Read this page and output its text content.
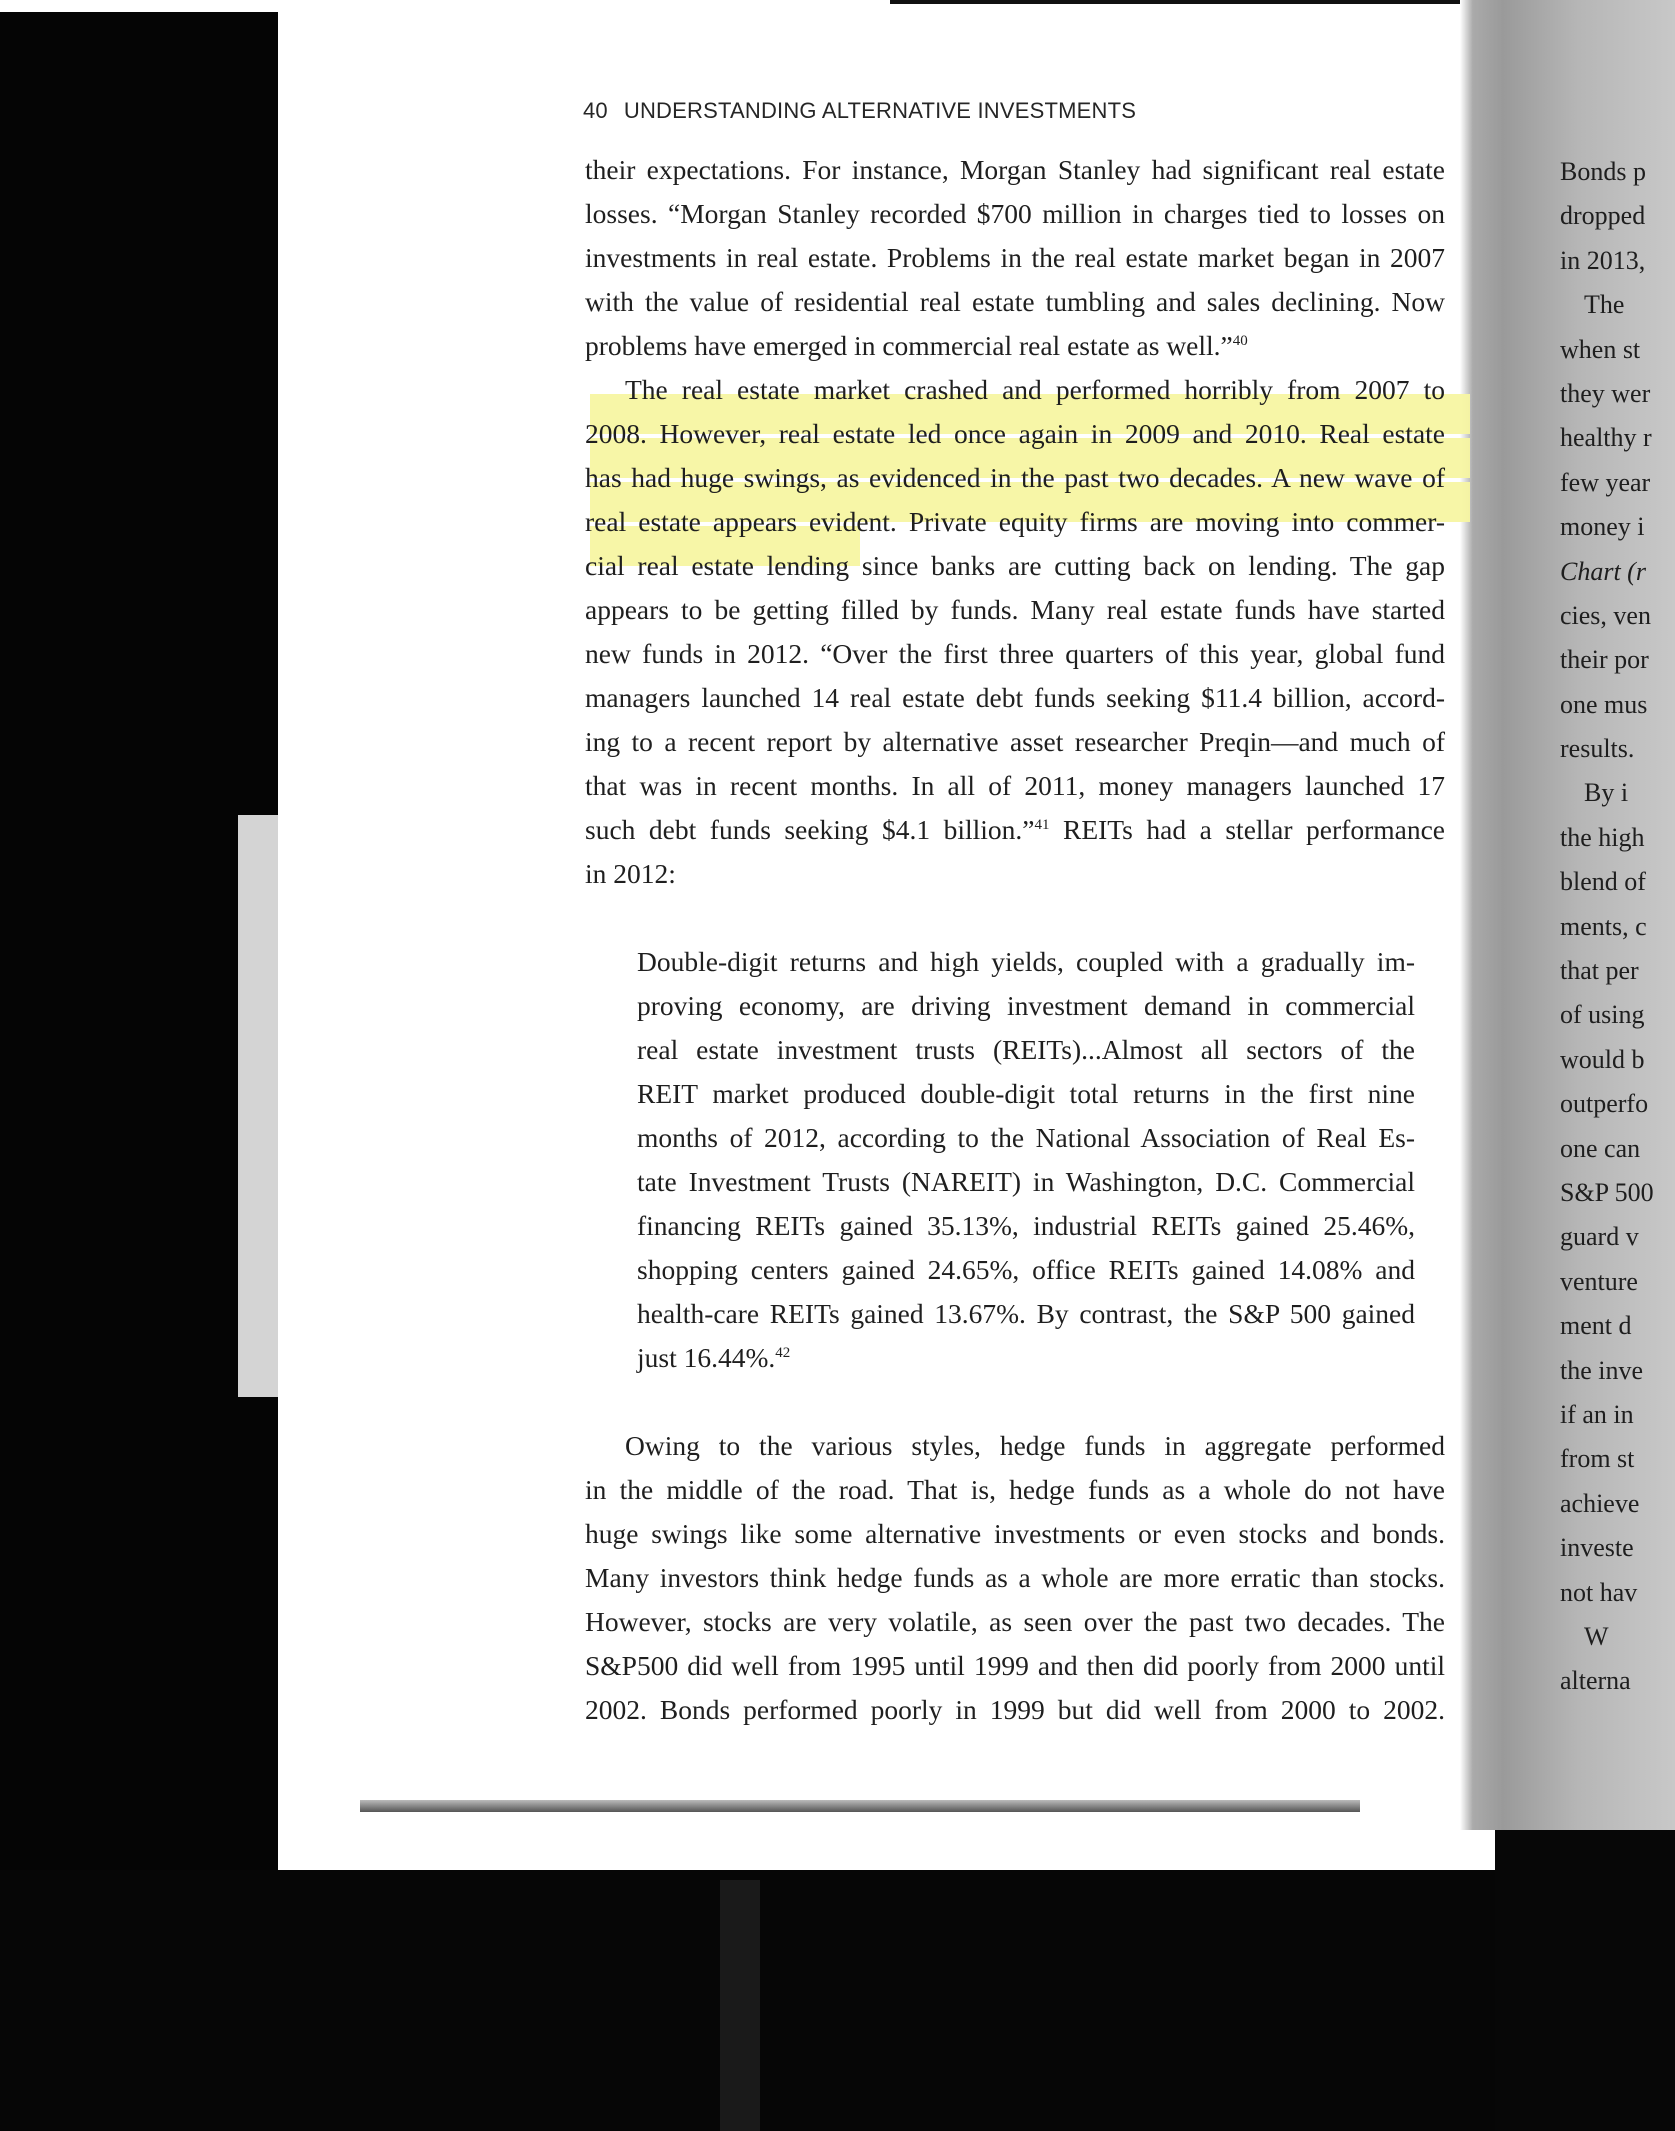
Bonds p
dropped
in 2013,
The
when st
they wer
healthy r
few year
money i
Chart (r
cies, ven
their por
one mus
results.
By i
the high
blend of
ments, c
that per
of using
would b
outperfo
one can
S&P 500
guard v
venture
ment d
the inve
if an in
from st
achieve
investe
not hav
W
alterna
40 UNDERSTANDING ALTERNATIVE INVESTMENTS
their expectations. For instance, Morgan Stanley had significant real estate
losses. “Morgan Stanley recorded $700 million in charges tied to losses on
investments in real estate. Problems in the real estate market began in 2007
with the value of residential real estate tumbling and sales declining. Now
problems have emerged in commercial real estate as well.”$^{40}$
The real estate market crashed and performed horribly from 2007 to
2008. However, real estate led once again in 2009 and 2010. Real estate
has had huge swings, as evidenced in the past two decades. A new wave of
real estate appears evident. Private equity firms are moving into commer-
cial real estate lending since banks are cutting back on lending. The gap
appears to be getting filled by funds. Many real estate funds have started
new funds in 2012. “Over the first three quarters of this year, global fund
managers launched 14 real estate debt funds seeking $11.4 billion, accord-
ing to a recent report by alternative asset researcher Preqin—and much of
that was in recent months. In all of 2011, money managers launched 17
such debt funds seeking $4.1 billion.”$^{41}$ REITs had a stellar performance
in 2012:
Double-digit returns and high yields, coupled with a gradually im-
proving economy, are driving investment demand in commercial
real estate investment trusts (REITs)...Almost all sectors of the
REIT market produced double-digit total returns in the first nine
months of 2012, according to the National Association of Real Es-
tate Investment Trusts (NAREIT) in Washington, D.C. Commercial
financing REITs gained 35.13%, industrial REITs gained 25.46%,
shopping centers gained 24.65%, office REITs gained 14.08% and
health-care REITs gained 13.67%. By contrast, the S&P 500 gained
just 16.44%.$^{42}$
Owing to the various styles, hedge funds in aggregate performed
in the middle of the road. That is, hedge funds as a whole do not have
huge swings like some alternative investments or even stocks and bonds.
Many investors think hedge funds as a whole are more erratic than stocks.
However, stocks are very volatile, as seen over the past two decades. The
S&P500 did well from 1995 until 1999 and then did poorly from 2000 until
2002. Bonds performed poorly in 1999 but did well from 2000 to 2002.
